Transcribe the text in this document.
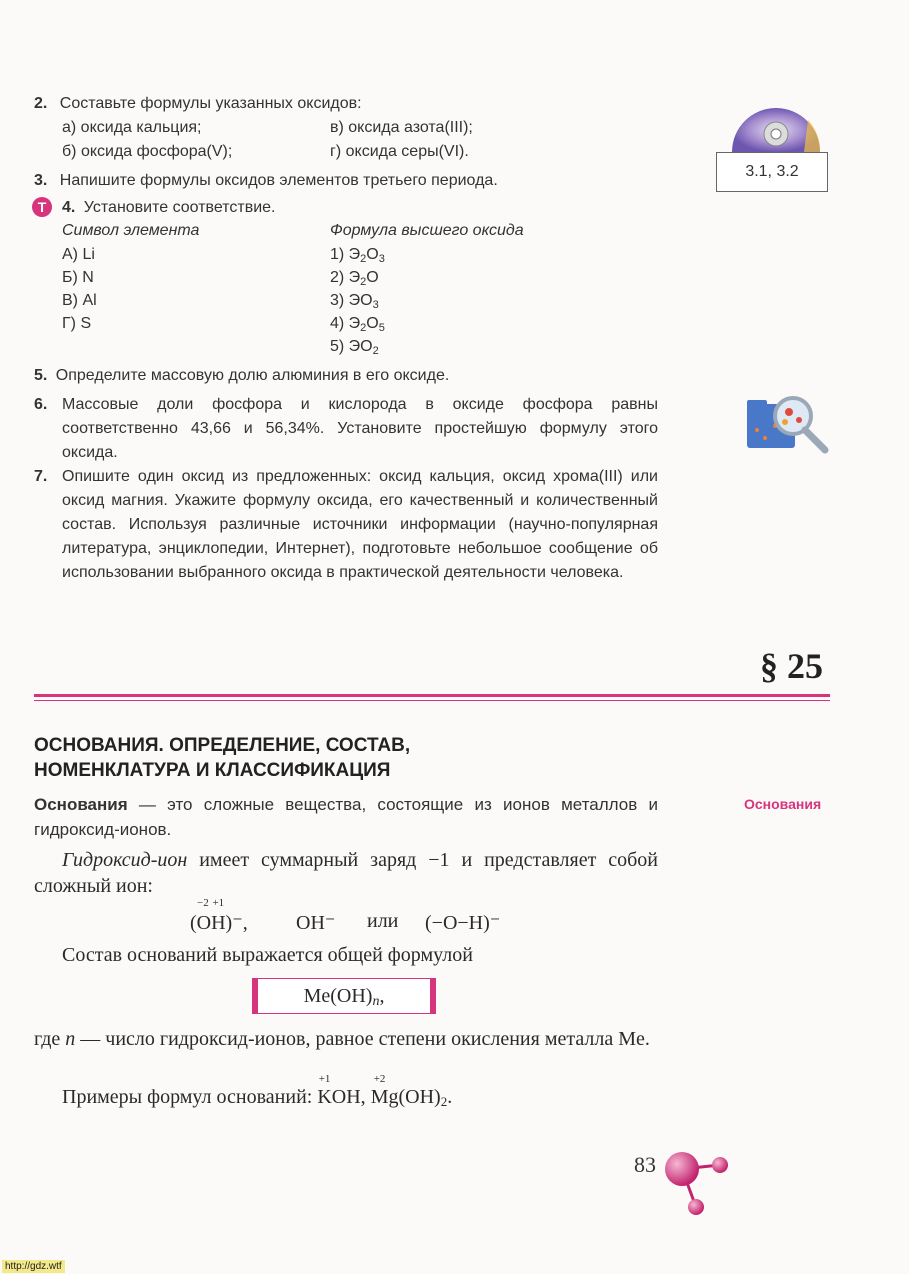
2. Составьте формулы указанных оксидов:
а) оксида кальция;
б) оксида фосфора(V);
в) оксида азота(III);
г) оксида серы(VI).
3.1, 3.2
3. Напишите формулы оксидов элементов третьего периода.
Т 4. Установите соответствие.
Символ элемента	Формула высшего оксида
А) Li
Б) N
В) Al
Г) S
1) $Э_2O_3$
2) $Э_2O$
3) $ЭO_3$
4) $Э_2O_5$
5) $ЭO_2$
5. Определите массовую долю алюминия в его оксиде.
6. Массовые доли фосфора и кислорода в оксиде фосфора равны соответственно 43,66 и 56,34%. Установите простейшую формулу этого оксида.
7. Опишите один оксид из предложенных: оксид кальция, оксид хрома(III) или оксид магния. Укажите формулу оксида, его качественный и количественный состав. Используя различные источники информации (научно-популярная литература, энциклопедии, Интернет), подготовьте небольшое сообщение об использовании выбранного оксида в практической деятельности человека.
§ 25
ОСНОВАНИЯ. ОПРЕДЕЛЕНИЕ, СОСТАВ,
НОМЕНКЛАТУРА И КЛАССИФИКАЦИЯ
Основания
Основания — это сложные вещества, состоящие из ионов металлов и гидроксид-ионов.
Гидроксид-ион имеет суммарный заряд −1 и представляет собой сложный ион:
−2 +1
(OH)⁻, OH⁻ или (−O−H)⁻
Состав оснований выражается общей формулой
$Me(OH)_n$,
где n — число гидроксид-ионов, равное степени окисления металла Me.
Примеры формул оснований:
+1
KOH,
+2
$Mg(OH)_2$.
83
http://gdz.wtf
